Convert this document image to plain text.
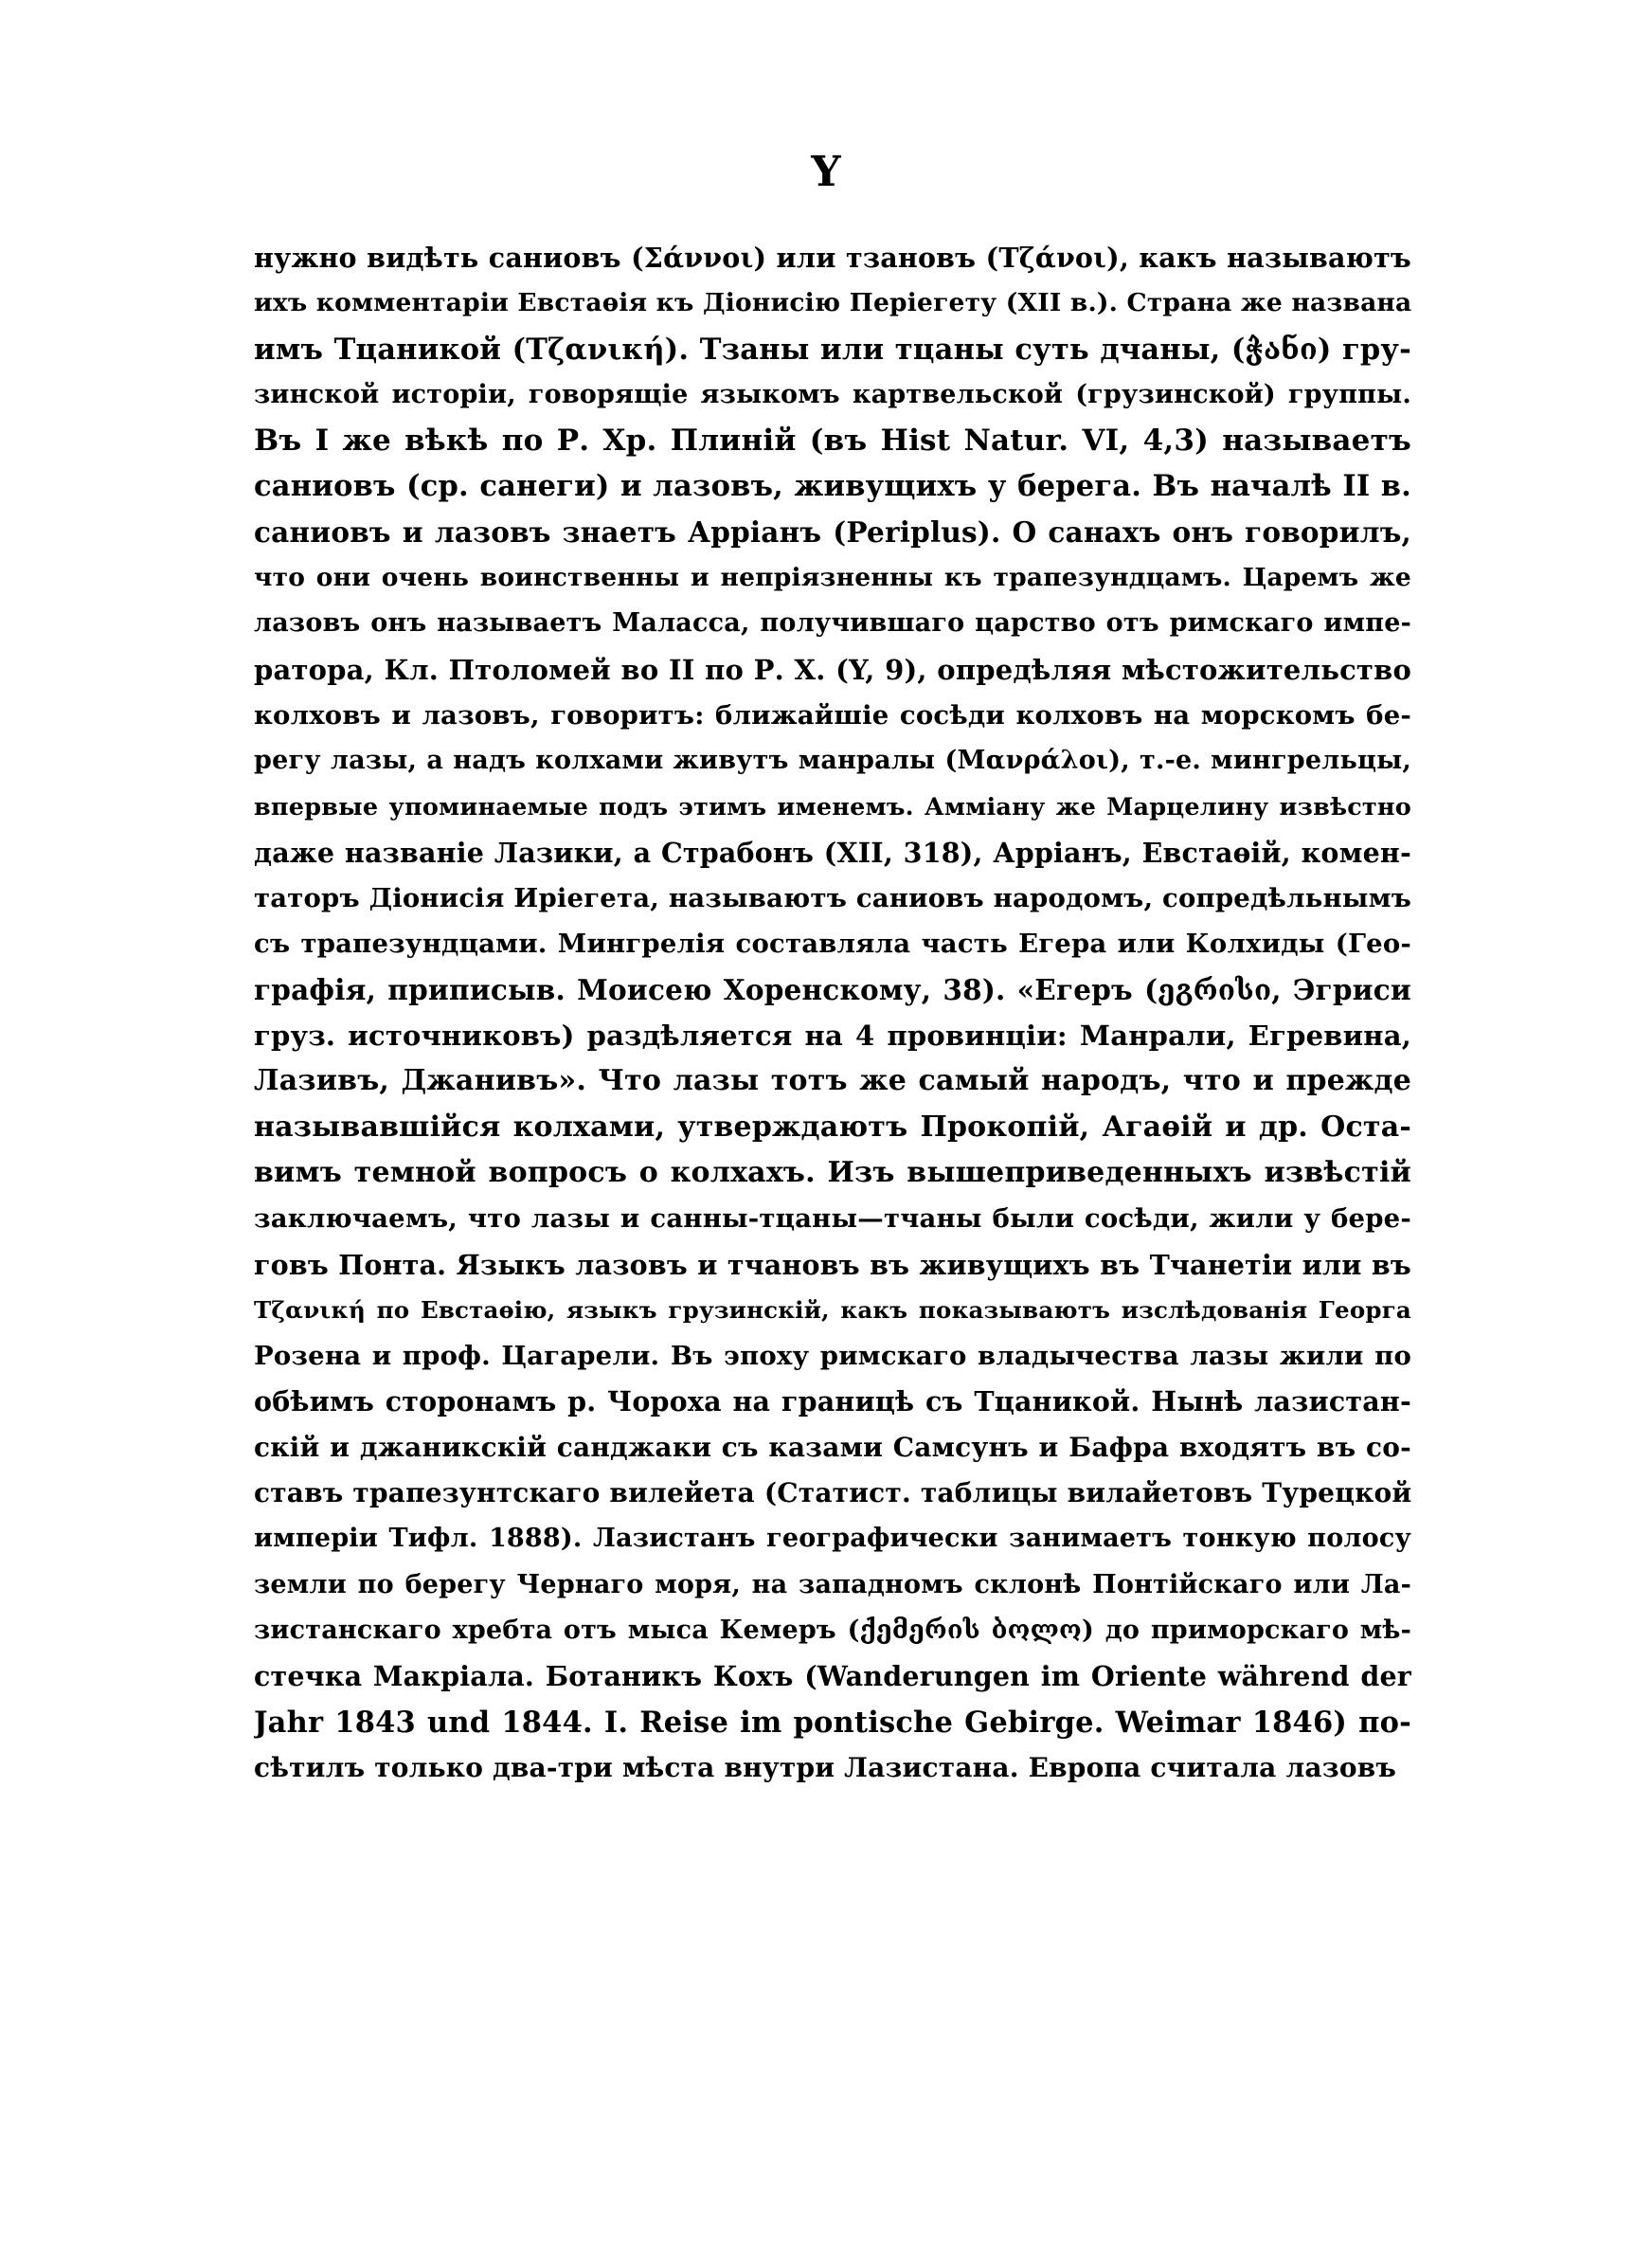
Y
нужно видѣть саниовъ (Σάννοι) или тзановъ (Τζάνοι), какъ называютъ
ихъ комментаріи Евстаѳія къ Діонисію Періегету (XII в.). Страна же названа
имъ Тцаникой (Τζανική). Тзаны или тцаны суть дчаны, (ჭანი) гру-
зинской исторіи, говорящіе языкомъ картвельской (грузинской) группы.
Въ I же вѣкѣ по Р. Хр. Плиній (въ Hist Natur. VI, 4,3) называетъ
саниовъ (ср. санеги) и лазовъ, живущихъ у берега. Въ началѣ II в.
саниовъ и лазовъ знаетъ Арріанъ (Periplus). О санахъ онъ говорилъ,
что они очень воинственны и непріязненны къ трапезундцамъ. Царемъ же
лазовъ онъ называетъ Маласса, получившаго царство отъ римскаго импе-
ратора, Кл. Птоломей во II по Р. Х. (Y, 9), опредѣляя мѣстожительство
колховъ и лазовъ, говоритъ: ближайшіе сосѣди колховъ на морскомъ бе-
регу лазы, а надъ колхами живутъ манралы (Μανράλοι), т.-е. мингрельцы,
впервые упоминаемые подъ этимъ именемъ. Аммiану же Марцелину извѣстно
даже названіе Лазики, а Страбонъ (XII, 318), Арріанъ, Евстаѳій, комен-
таторъ Діонисія Иріегета, называютъ саниовъ народомъ, сопредѣльнымъ
съ трапезундцами. Мингрелія составляла часть Егера или Колхиды (Гео-
графія, приписыв. Моисею Хоренскому, 38). «Егеръ (ეგრისი, Эгриси
груз. источниковъ) раздѣляется на 4 провинціи: Манрали, Егревина,
Лазивъ, Джанивъ». Что лазы тотъ же самый народъ, что и прежде
называвшійся колхами, утверждаютъ Прокопій, Агаѳій и др. Оста-
вимъ темной вопросъ о колхахъ. Изъ вышеприведенныхъ извѣстій
заключаемъ, что лазы и санны-тцаны—тчаны были сосѣди, жили у бере-
говъ Понта. Языкъ лазовъ и тчановъ въ живущихъ въ Тчанетіи или въ
Τζανική по Евстаѳію, языкъ грузинскій, какъ показываютъ изслѣдованія Георга
Розена и проф. Цагарели. Въ эпоху римскаго владычества лазы жили по
обѣимъ сторонамъ р. Чороха на границѣ съ Тцаникой. Нынѣ лазистан-
скій и джаникскій санджаки съ казами Самсунъ и Бафра входятъ въ со-
ставъ трапезунтскаго вилейета (Статист. таблицы вилайетовъ Турецкой
имперіи Тифл. 1888). Лазистанъ географически занимаетъ тонкую полосу
земли по берегу Чернаго моря, на западномъ склонѣ Понтійскаго или Ла-
зистанскаго хребта отъ мыса Кемеръ (ქემერის ბოლო) до приморскаго мѣ-
стечка Макріала. Ботаникъ Кохъ (Wanderungen im Oriente während der
Jahr 1843 und 1844. I. Reise im pontische Gebirge. Weimar 1846) по-
сѣтилъ только два-три мѣста внутри Лазистана. Европа считала лазовъ
